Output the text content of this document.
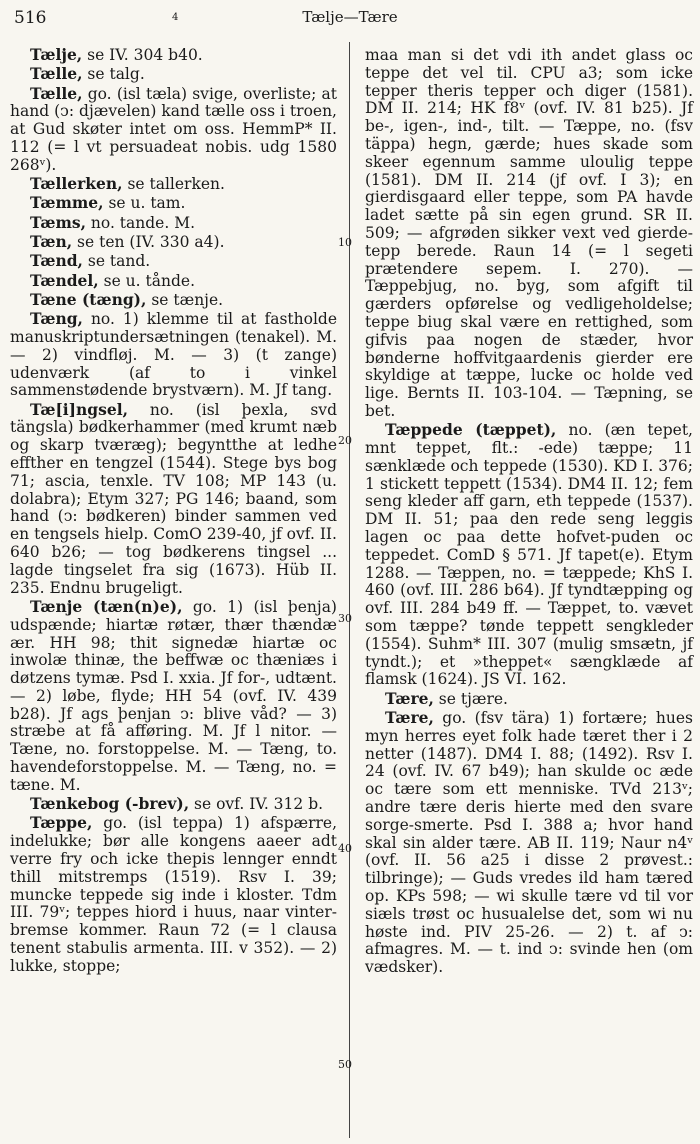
516	4	Tælje—Tære
10
20
30
40
50

Tælje, se IV. 304 b40.

Tælle, se talg.

Tælle, go. (isl tæla) svige, overliste; at hand (ↄ: djævelen) kand tælle oss i troen, at Gud skøter intet om oss. HemmP* II. 112 (= l vt persuadeat nobis. udg 1580 268ᵛ).

Tællerken, se tallerken.

Tæmme, se u. tam.

Tæms, no. tande. M.

Tæn, se ten (IV. 330 a4).

Tænd, se tand.

Tændel, se u. tånde.

Tæne (tæng), se tænje.

Tæng, no. 1) klemme til at fastholde manuskriptundersætningen (tenakel). M. — 2) vindfløj. M. — 3) (t zange) udenværk (af to i vinkel sammenstødende brystværn). M. Jf tang.

Tæ[i]ngsel, no. (isl þexla, svd tängsla) bødkerhammer (med krumt næb og skarp tværæg); begyntthe at ledhe effther en tengzel (1544). Stege bys bog 71; ascia, tenxle. TV 108; MP 143 (u. dolabra); Etym 327; PG 146; baand, som hand (ↄ: bødkeren) binder sammen ved en tengsels hielp. ComO 239-40, jf ovf. II. 640 b26; — tog bødkerens tingsel ... lagde tingselet fra sig (1673). Hüb II. 235. Endnu brugeligt.

Tænje (tæn(n)e), go. 1) (isl þenja) udspænde; hiartæ røtær, thær thændæ ær. HH 98; thit signedæ hiartæ oc inwolæ thinæ, the beffwæ oc thæniæs i døtzens tymæ. Psd I. xxia. Jf for-, udtænt. — 2) løbe, flyde; HH 54 (ovf. IV. 439 b28). Jf ags þenjan ↄ: blive våd? — 3) stræbe at få afføring. M. Jf l nitor. — Tæne, no. forstoppelse. M. — Tæng, to. havendeforstoppelse. M. — Tæng, no. = tæne. M.

Tænkebog (-brev), se ovf. IV. 312 b.

Tæppe, go. (isl teppa) 1) afspærre, indelukke; bør alle kongens aaeer adt verre fry och icke thepis lennger enndt thill mitstremps (1519). Rsv I. 39; muncke teppede sig inde i kloster. Tdm III. 79ᵛ; teppes hiord i huus, naar vinter-bremse kommer. Raun 72 (= l clausa tenent stabulis armenta. III. v 352). — 2) lukke, stoppe;

maa man si det vdi ith andet glass oc teppe det vel til. CPU a3; som icke tepper theris tepper och diger (1581). DM II. 214; HK f8ᵛ (ovf. IV. 81 b25). Jf be-, igen-, ind-, tilt. — Tæppe, no. (fsv täppa) hegn, gærde; hues skade som skeer egennum samme uloulig teppe (1581). DM II. 214 (jf ovf. I 3); en gierdisgaard eller teppe, som PA havde ladet sætte på sin egen grund. SR II. 509; — afgrøden sikker vext ved gierde-tepp berede. Raun 14 (= l segeti prætendere sepem. I. 270). — Tæppebjug, no. byg, som afgift til gærders opførelse og vedligeholdelse; teppe biug skal være en rettighed, som gifvis paa nogen de stæder, hvor bønderne hoffvitgaardenis gierder ere skyldige at tæppe, lucke oc holde ved lige. Bernts II. 103-104. — Tæpning, se bet.

Tæppede (tæppet), no. (æn tepet, mnt teppet, flt.: -ede) tæppe; 11 sænklæde och teppede (1530). KD I. 376; 1 stickett teppett (1534). DM4 II. 12; fem seng kleder aff garn, eth teppede (1537). DM II. 51; paa den rede seng leggis lagen oc paa dette hofvet-puden oc teppedet. ComD § 571. Jf tapet(e). Etym 1288. — Tæppen, no. = tæppede; KhS I. 460 (ovf. III. 286 b64). Jf tyndtæpping og ovf. III. 284 b49 ff. — Tæppet, to. vævet som tæppe? tønde teppett sengkleder (1554). Suhm* III. 307 (mulig smsætn, jf tyndt.); et »theppet« sængklæde af flamsk (1624). JS VI. 162.

Tære, se tjære.

Tære, go. (fsv tära) 1) fortære; hues myn herres eyet folk hade tæret ther i 2 netter (1487). DM4 I. 88; (1492). Rsv I. 24 (ovf. IV. 67 b49); han skulde oc æde oc tære som ett menniske. TVd 213ᵛ; andre tære deris hierte med den svare sorge-smerte. Psd I. 388 a; hvor hand skal sin alder tære. AB II. 119; Naur n4ᵛ (ovf. II. 56 a25 i disse 2 prøvest.: tilbringe); — Guds vredes ild ham tæred op. KPs 598; — wi skulle tære vd til vor siæls trøst oc husualelse det, som wi nu høste ind. PIV 25-26. — 2) t. af ↄ: afmagres. M. — t. ind ↄ: svinde hen (om vædsker).
